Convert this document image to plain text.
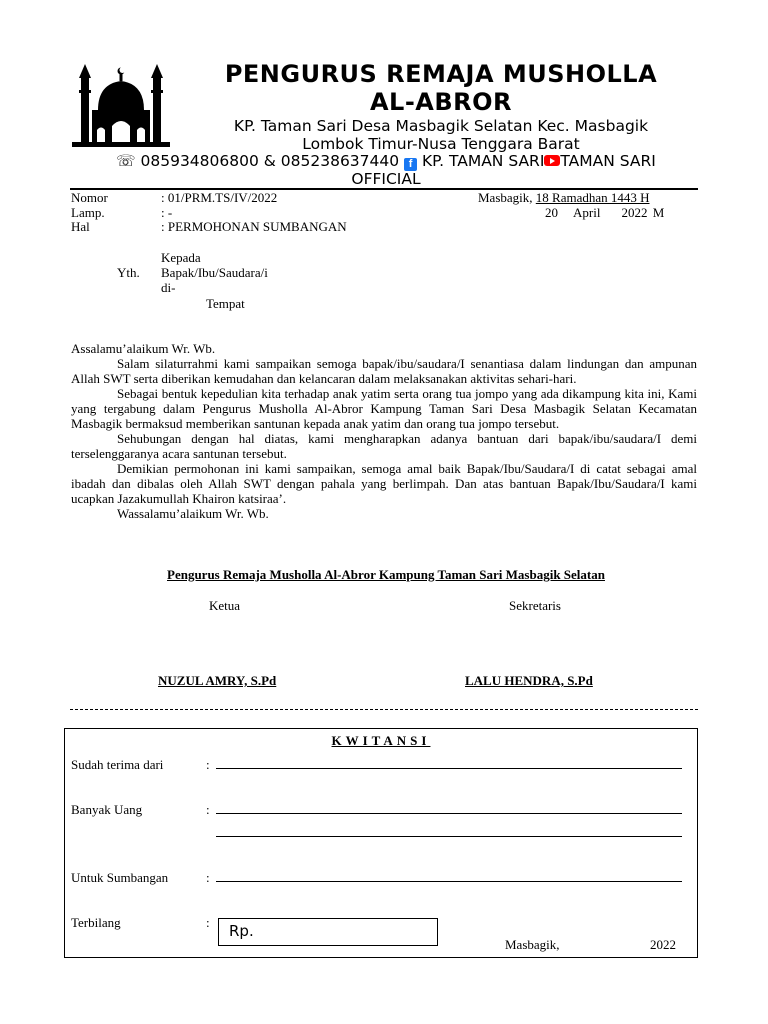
PENGURUS REMAJA MUSHOLLA
AL-ABROR
KP. Taman Sari Desa Masbagik Selatan Kec. Masbagik
Lombok Timur-Nusa Tenggara Barat
☏ 085934806800 & 085238637440 f KP. TAMAN SARI TAMAN SARI
OFFICIAL
Nomor	: 01/PRM.TS/IV/2022
Lamp.	: -
Hal	: PERMOHONAN SUMBANGAN
Masbagik, 18 Ramadhan 1443 H
20   April    2022 M
Kepada
Yth. Bapak/Ibu/Saudara/i
di-
Tempat
Assalamu’alaikum Wr. Wb.
Salam silaturrahmi kami sampaikan semoga bapak/ibu/saudara/I senantiasa dalam lindungan dan ampunan Allah SWT serta diberikan kemudahan dan kelancaran dalam melaksanakan aktivitas sehari-hari.
Sebagai bentuk kepedulian kita terhadap anak yatim serta orang tua jompo yang ada dikampung kita ini, Kami yang tergabung dalam Pengurus Musholla Al-Abror Kampung Taman Sari Desa Masbagik Selatan Kecamatan Masbagik bermaksud memberikan santunan kepada anak yatim dan orang tua jompo tersebut.
Sehubungan dengan hal diatas, kami mengharapkan adanya bantuan dari bapak/ibu/saudara/I demi terselenggaranya acara santunan tersebut.
Demikian permohonan ini kami sampaikan, semoga amal baik Bapak/Ibu/Saudara/I di catat sebagai amal ibadah dan dibalas oleh Allah SWT dengan pahala yang berlimpah. Dan atas bantuan Bapak/Ibu/Saudara/I kami ucapkan Jazakumullah Khairon katsiraa’.
Wassalamu’alaikum Wr. Wb.
Pengurus Remaja Musholla Al-Abror Kampung Taman Sari Masbagik Selatan
Ketua	Sekretaris
NUZUL AMRY, S.Pd	LALU HENDRA, S.Pd
KWITANSI
Sudah terima dari	:
Banyak Uang	:
Untuk Sumbangan	:
Terbilang	: Rp.
Masbagik,	2022
